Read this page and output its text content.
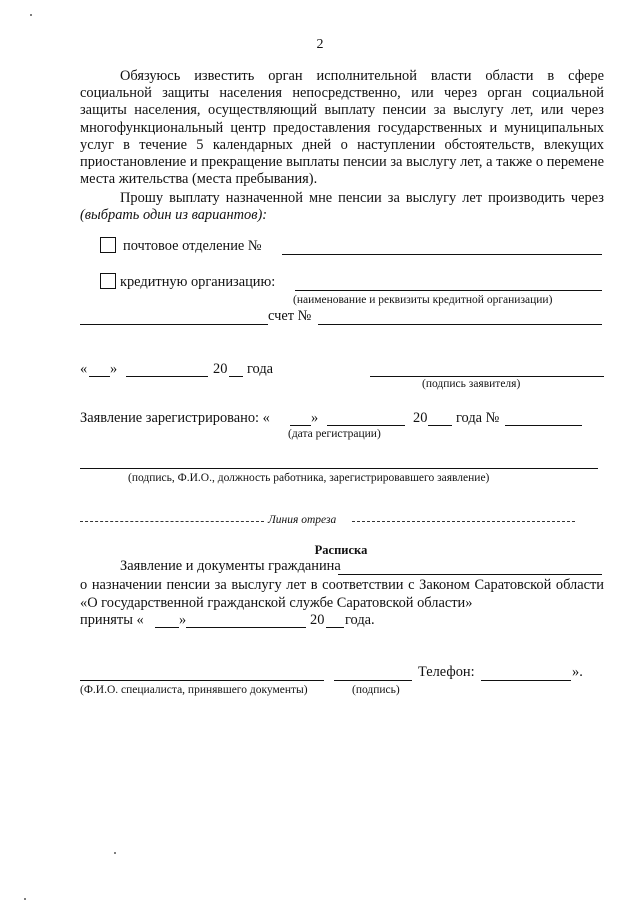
2
Обязуюсь известить орган исполнительной власти области в сфере социальной защиты населения непосредственно, или через орган социальной защиты населения, осуществляющий выплату пенсии за выслугу лет, или через многофункциональный центр предоставления государственных и муниципальных услуг в течение 5 календарных дней о наступлении обстоятельств, влекущих приостановление и прекращение выплаты пенсии за выслугу лет, а также о перемене места жительства (места пребывания).
Прошу выплату назначенной мне пенсии за выслугу лет производить через (выбрать один из вариантов):
почтовое отделение №
кредитную организацию:
(наименование и реквизиты кредитной организации)
счет №
« »	20 года
(подпись заявителя)
Заявление зарегистрировано: «	»	20 года №
(дата регистрации)
(подпись, Ф.И.О., должность работника, зарегистрировавшего заявление)
Линия отреза
Расписка
Заявление и документы гражданина
о назначении пенсии за выслугу лет в соответствии с Законом Саратовской области «О государственной гражданской службе Саратовской области»
приняты « »	20 года.
Телефон:	».
(Ф.И.О. специалиста, принявшего документы)	(подпись)
